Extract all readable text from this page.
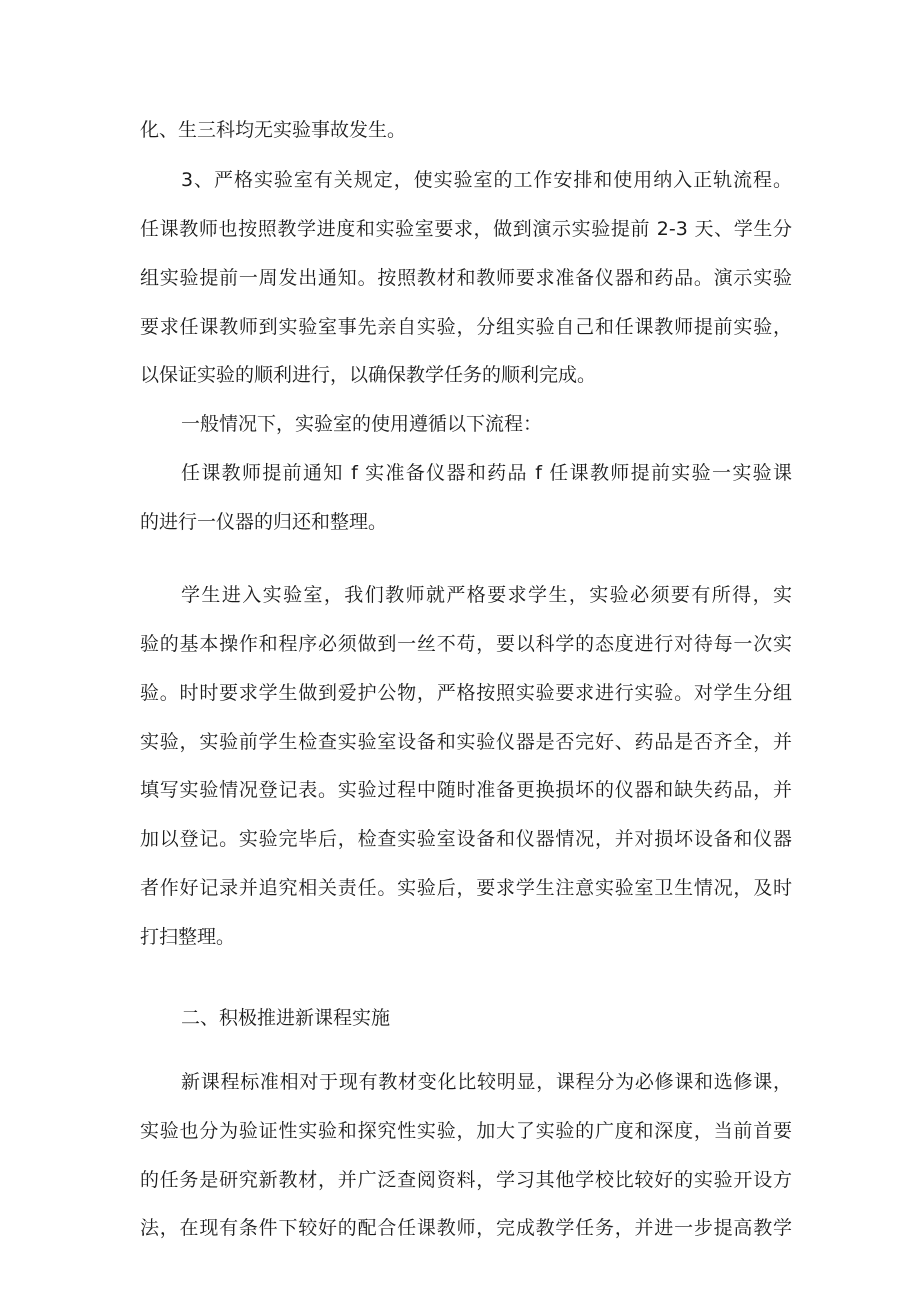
化、生三科均无实验事故发生。

3、严格实验室有关规定，使实验室的工作安排和使用纳入正轨流程。

任课教师也按照教学进度和实验室要求，做到演示实验提前 2-3 天、学生分

组实验提前一周发出通知。按照教材和教师要求准备仪器和药品。演示实验

要求任课教师到实验室事先亲自实验，分组实验自己和任课教师提前实验，

以保证实验的顺利进行，以确保教学任务的顺利完成。

一般情况下，实验室的使用遵循以下流程：

任课教师提前通知 f 实准备仪器和药品 f 任课教师提前实验一实验课

的进行一仪器的归还和整理。

学生进入实验室，我们教师就严格要求学生，实验必须要有所得，实

验的基本操作和程序必须做到一丝不苟，要以科学的态度进行对待每一次实

验。时时要求学生做到爱护公物，严格按照实验要求进行实验。对学生分组

实验，实验前学生检查实验室设备和实验仪器是否完好、药品是否齐全，并

填写实验情况登记表。实验过程中随时准备更换损坏的仪器和缺失药品，并

加以登记。实验完毕后，检查实验室设备和仪器情况，并对损坏设备和仪器

者作好记录并追究相关责任。实验后，要求学生注意实验室卫生情况，及时

打扫整理。

二、积极推进新课程实施

新课程标准相对于现有教材变化比较明显，课程分为必修课和选修课，

实验也分为验证性实验和探究性实验，加大了实验的广度和深度，当前首要

的任务是研究新教材，并广泛查阅资料，学习其他学校比较好的实验开设方

法，在现有条件下较好的配合任课教师，完成教学任务，并进一步提高教学
